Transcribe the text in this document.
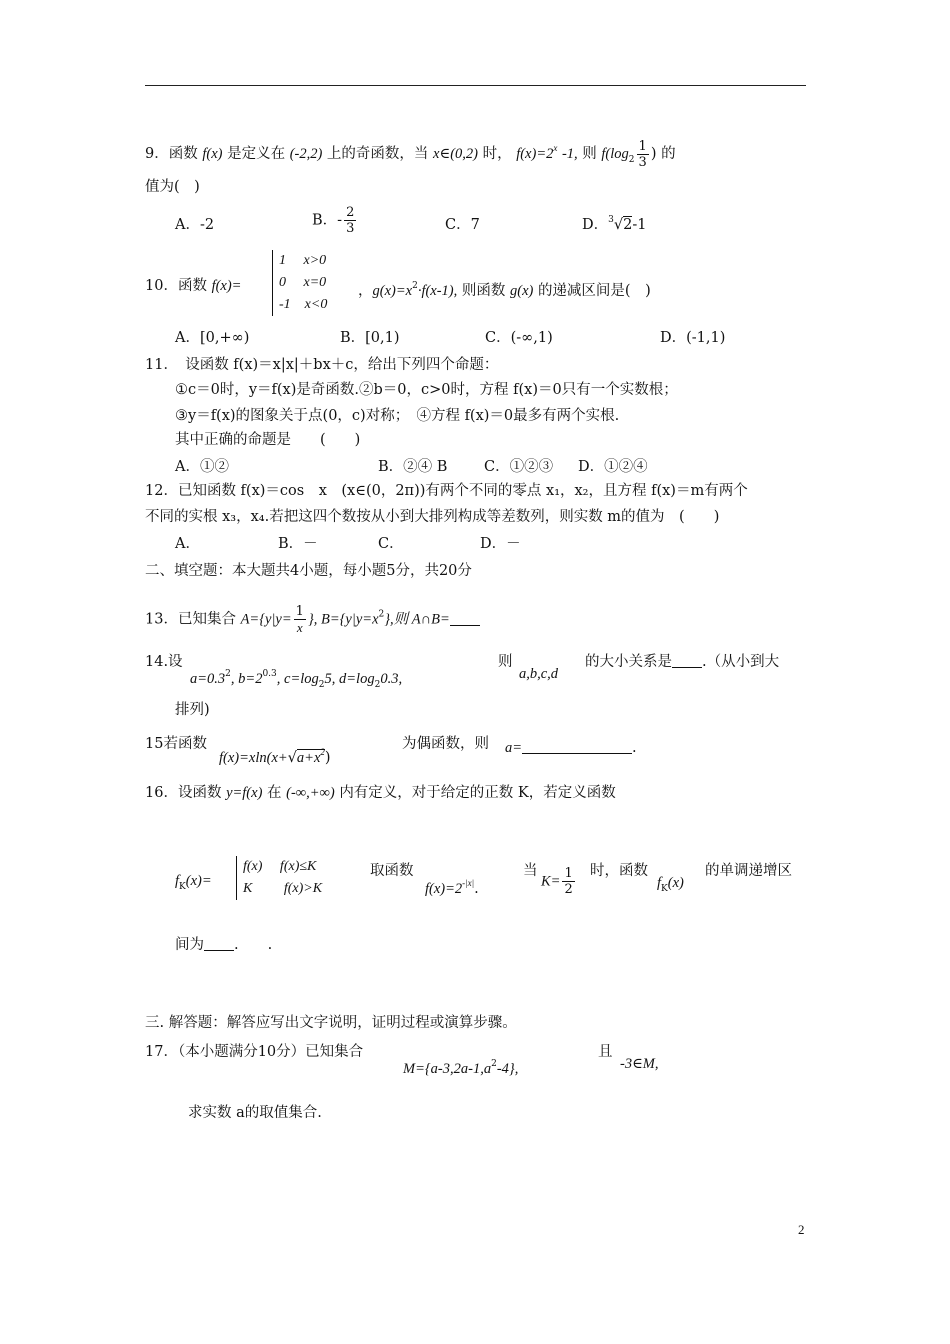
9．函数 f(x) 是定义在 (-2,2) 上的奇函数，当 x∈(0,2) 时， $f(x)=2^x$ -1, 则 $f(\log_2 \frac{1}{3}$ ) 的
值为(　)
A．-2	B．- $\frac{2}{3}$	C．7	D．$^3$√2-1
10．函数 f(x)=
1　 x>0
0　 x=0
-1　x<0
，$g(x)=x^2\cdot f(x-1)$, 则函数 g(x) 的递减区间是(　)
A．[0,+∞)	B．[0,1)	C．(-∞,1)	D．(-1,1)
11．　设函数 f(x)＝x|x|＋bx＋c，给出下列四个命题：
①c＝0时，y＝f(x)是奇函数.②b＝0，c>0时，方程 f(x)＝0只有一个实数根；
③y＝f(x)的图象关于点(0，c)对称；　④方程 f(x)＝0最多有两个实根.
其中正确的命题是　　(　　)
A．①②	B．②④ B	C．①②③ D．①②④
12．已知函数 f(x)＝cos　x　(x∈(0，2π))有两个不同的零点 x₁，x₂，且方程 f(x)＝m有两个
不同的实根 x₃，x₄.若把这四个数按从小到大排列构成等差数列，则实数 m的值为　(　　)
A．	B．－	C．	D．－
二、填空题：本大题共4小题，每小题5分，共20分
13．已知集合 $A=\{y|y= \frac{1}{x}$ }, $B=\{y|y=x^2\}$,则 A∩B=
14.设
$a=0.3^2$, $b=2^{0.3}$, $c=\log_25$, $d=\log_20.3$,
则
a,b,c,d
的大小关系是 .（从小到大
排列)
15若函数
$f(x)=xln(x+√a+x^2)$
为偶函数，则 a=	.
16．设函数 y=f(x) 在 (-∞,+∞) 内有定义，对于给定的正数 K，若定义函数
$f_K(x)=$
f(x)　 f(x)≤K
K　　 f(x)>K
取函数
$f(x)=2^{-|x|}$.
当
$K= \frac{1}{2}$ 时，函数
$f_K(x)$
的单调递增区
间为 .　　.
三. 解答题：解答应写出文字说明，证明过程或演算步骤。
17．（本小题满分10分）已知集合
$M=\{a-3,2a-1,a^2-4\}$,
且
-3∈M,
求实数 a的取值集合.
2
